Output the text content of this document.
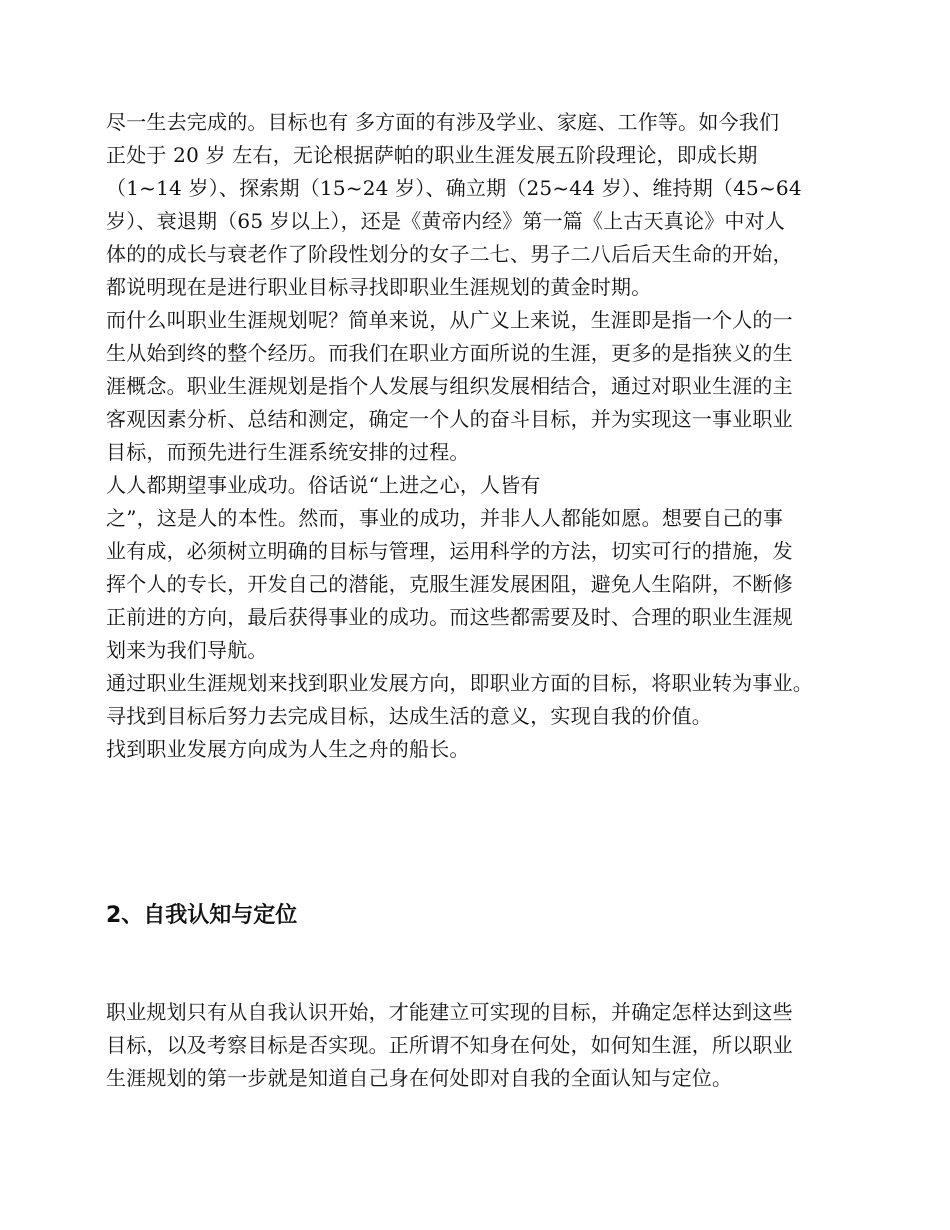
尽一生去完成的。目标也有 多方面的有涉及学业、家庭、工作等。如今我们
正处于 20 岁 左右，无论根据萨帕的职业生涯发展五阶段理论，即成长期
（1~14 岁）、探索期（15~24 岁）、确立期（25~44 岁）、维持期（45~64
岁）、衰退期（65 岁以上），还是《黄帝内经》第一篇《上古天真论》中对人
体的的成长与衰老作了阶段性划分的女子二七、男子二八后后天生命的开始，
都说明现在是进行职业目标寻找即职业生涯规划的黄金时期。
而什么叫职业生涯规划呢？简单来说，从广义上来说，生涯即是指一个人的一
生从始到终的整个经历。而我们在职业方面所说的生涯，更多的是指狭义的生
涯概念。职业生涯规划是指个人发展与组织发展相结合，通过对职业生涯的主
客观因素分析、总结和测定，确定一个人的奋斗目标，并为实现这一事业职业
目标，而预先进行生涯系统安排的过程。
人人都期望事业成功。俗话说“上进之心，人皆有
之”，这是人的本性。然而，事业的成功，并非人人都能如愿。想要自己的事
业有成，必须树立明确的目标与管理，运用科学的方法，切实可行的措施，发
挥个人的专长，开发自己的潜能，克服生涯发展困阻，避免人生陷阱，不断修
正前进的方向，最后获得事业的成功。而这些都需要及时、合理的职业生涯规
划来为我们导航。
通过职业生涯规划来找到职业发展方向，即职业方面的目标，将职业转为事业。
寻找到目标后努力去完成目标，达成生活的意义，实现自我的价值。
找到职业发展方向成为人生之舟的船长。
2、自我认知与定位
职业规划只有从自我认识开始，才能建立可实现的目标，并确定怎样达到这些
目标，以及考察目标是否实现。正所谓不知身在何处，如何知生涯，所以职业
生涯规划的第一步就是知道自己身在何处即对自我的全面认知与定位。
